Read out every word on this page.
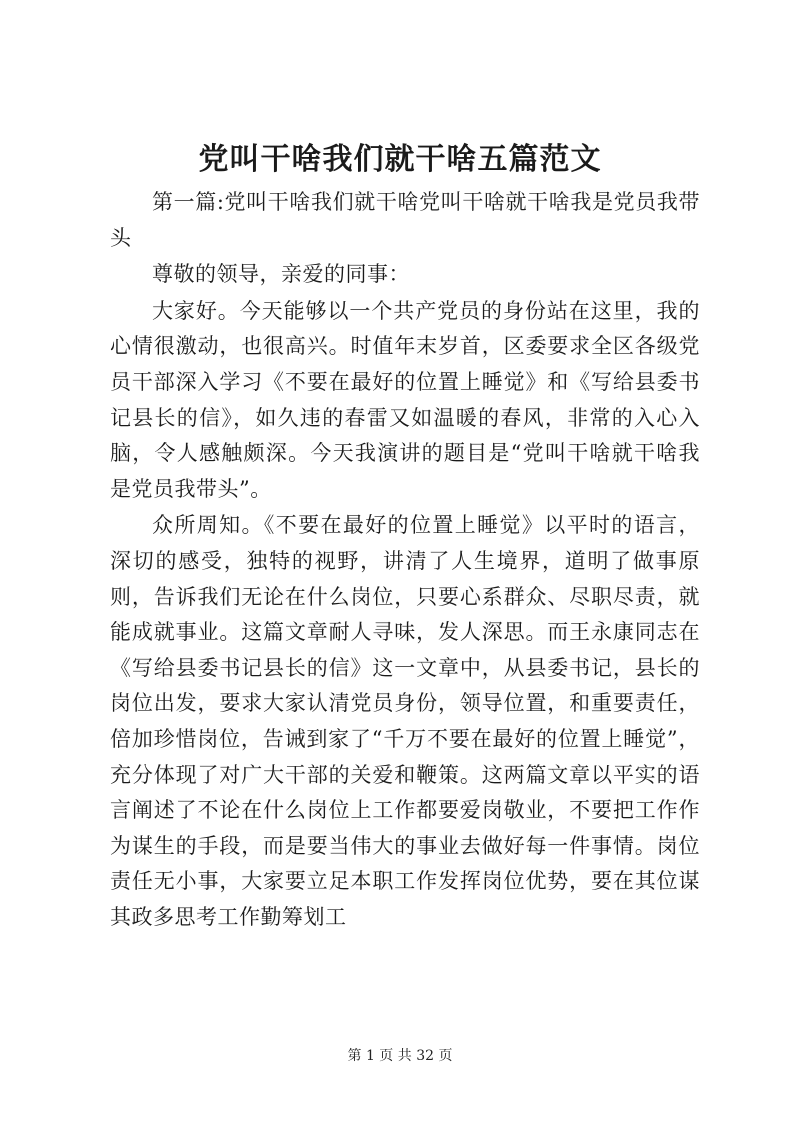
党叫干啥我们就干啥五篇范文

第一篇:党叫干啥我们就干啥党叫干啥就干啥我是党员我带头

尊敬的领导，亲爱的同事：

大家好。今天能够以一个共产党员的身份站在这里，我的心情很激动，也很高兴。时值年末岁首，区委要求全区各级党员干部深入学习《不要在最好的位置上睡觉》和《写给县委书记县长的信》，如久违的春雷又如温暖的春风，非常的入心入脑，令人感触颇深。今天我演讲的题目是“党叫干啥就干啥我是党员我带头”。

众所周知。《不要在最好的位置上睡觉》以平时的语言，深切的感受，独特的视野，讲清了人生境界，道明了做事原则，告诉我们无论在什么岗位，只要心系群众、尽职尽责，就能成就事业。这篇文章耐人寻味，发人深思。而王永康同志在《写给县委书记县长的信》这一文章中，从县委书记，县长的岗位出发，要求大家认清党员身份，领导位置，和重要责任，倍加珍惜岗位，告诫到家了“千万不要在最好的位置上睡觉”，充分体现了对广大干部的关爱和鞭策。这两篇文章以平实的语言阐述了不论在什么岗位上工作都要爱岗敬业，不要把工作作为谋生的手段，而是要当伟大的事业去做好每一件事情。岗位责任无小事，大家要立足本职工作发挥岗位优势，要在其位谋其政多思考工作勤筹划工

第 1 页 共 32 页
